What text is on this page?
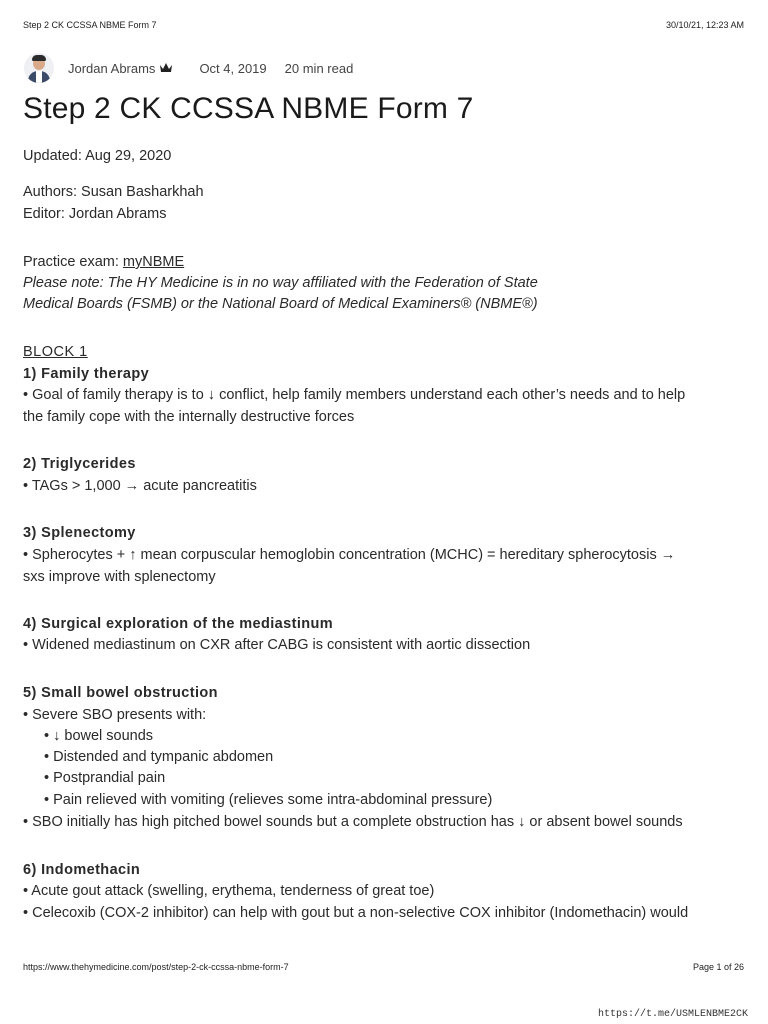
Step 2 CK CCSSA NBME Form 7	30/10/21, 12:23 AM
Jordan Abrams	Oct 4, 2019 20 min read
Step 2 CK CCSSA NBME Form 7
Updated: Aug 29, 2020
Authors: Susan Basharkhah
Editor: Jordan Abrams
Practice exam: myNBME
Please note: The HY Medicine is in no way affiliated with the Federation of State
Medical Boards (FSMB) or the National Board of Medical Examiners® (NBME®)
BLOCK 1
1) Family therapy
• Goal of family therapy is to ↓ conflict, help family members understand each other’s needs and to help
the family cope with the internally destructive forces
2) Triglycerides
• TAGs > 1,000 → acute pancreatitis
3) Splenectomy
• Spherocytes + ↑ mean corpuscular hemoglobin concentration (MCHC) = hereditary spherocytosis →
sxs improve with splenectomy
4) Surgical exploration of the mediastinum
• Widened mediastinum on CXR after CABG is consistent with aortic dissection
5) Small bowel obstruction
• Severe SBO presents with:
• ↓ bowel sounds
• Distended and tympanic abdomen
• Postprandial pain
• Pain relieved with vomiting (relieves some intra-abdominal pressure)
• SBO initially has high pitched bowel sounds but a complete obstruction has ↓ or absent bowel sounds
6) Indomethacin
• Acute gout attack (swelling, erythema, tenderness of great toe)
• Celecoxib (COX-2 inhibitor) can help with gout but a non-selective COX inhibitor (Indomethacin) would
https://www.thehymedicine.com/post/step-2-ck-ccssa-nbme-form-7	Page 1 of 26
https://t.me/USMLENBME2CK
